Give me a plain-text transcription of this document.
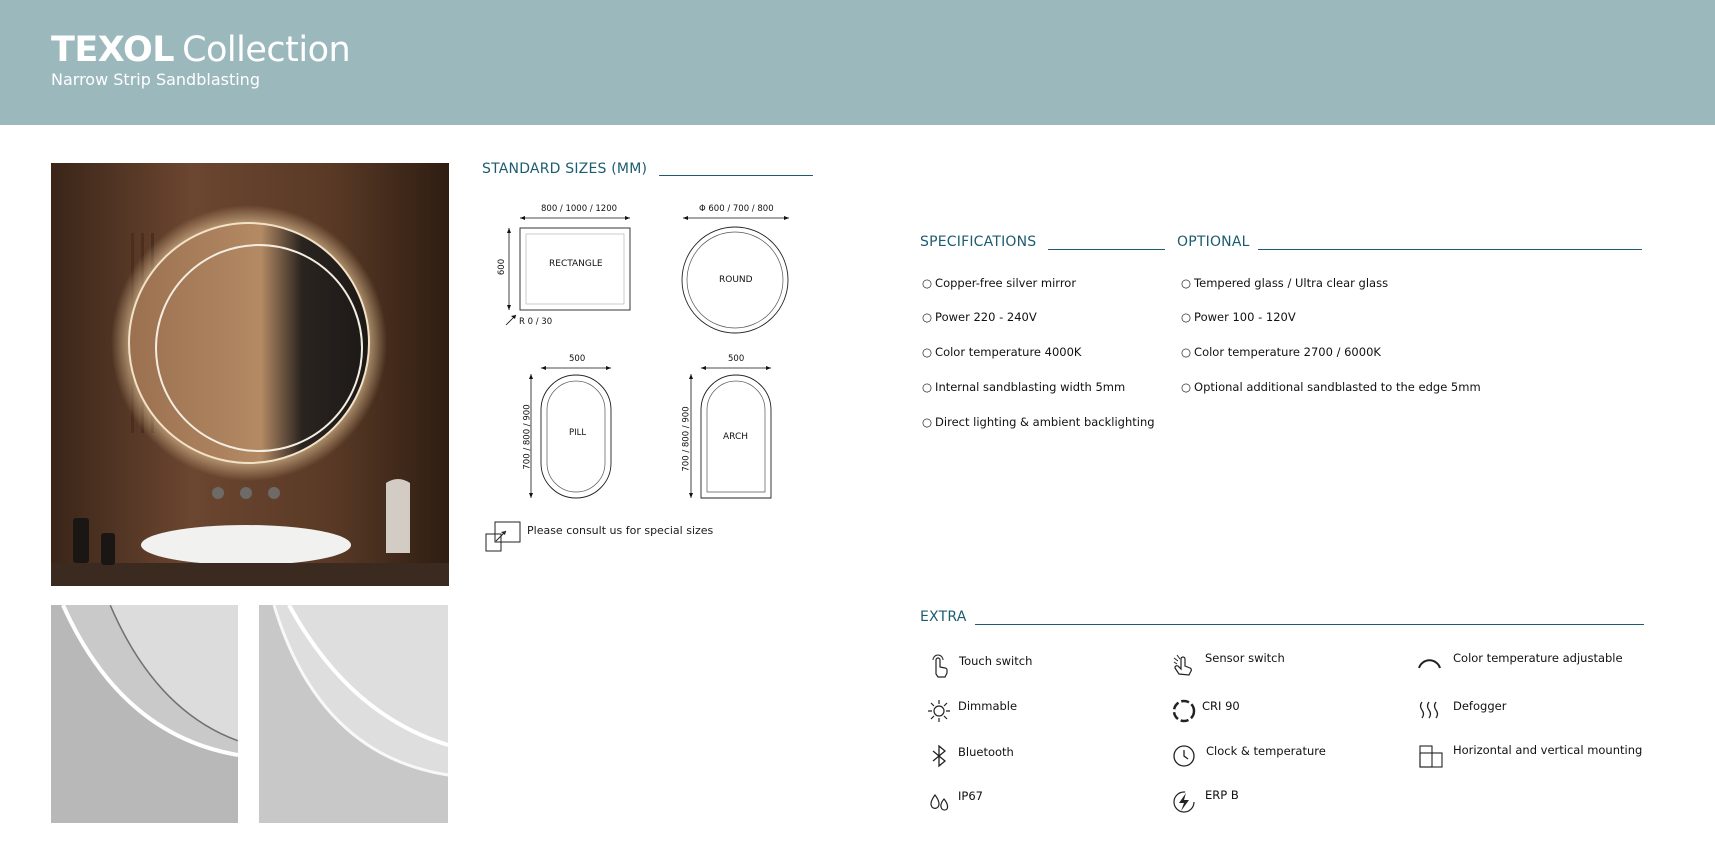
TEXOL Collection
Narrow Strip Sandblasting
STANDARD SIZES (MM)
800 / 1000 / 1200
600
R 0 / 30
RECTANGLE
Φ 600 / 700 / 800
ROUND
500
700 / 800 / 900	PILL
500
700 / 800 / 900	ARCH
Please consult us for special sizes
SPECIFICATIONS
○ Copper-free silver mirror
○ Power 220 - 240V
○ Color temperature 4000K
○ Internal sandblasting width 5mm
○ Direct lighting & ambient backlighting
OPTIONAL
○ Tempered glass / Ultra clear glass
○ Power 100 - 120V
○ Color temperature 2700 / 6000K
○ Optional additional sandblasted to the edge 5mm
EXTRA
Touch switch	Sensor switch	Color temperature adjustable
Dimmable	CRI 90	Defogger
Bluetooth	Clock & temperature	Horizontal and vertical mounting
IP67	ERP B
